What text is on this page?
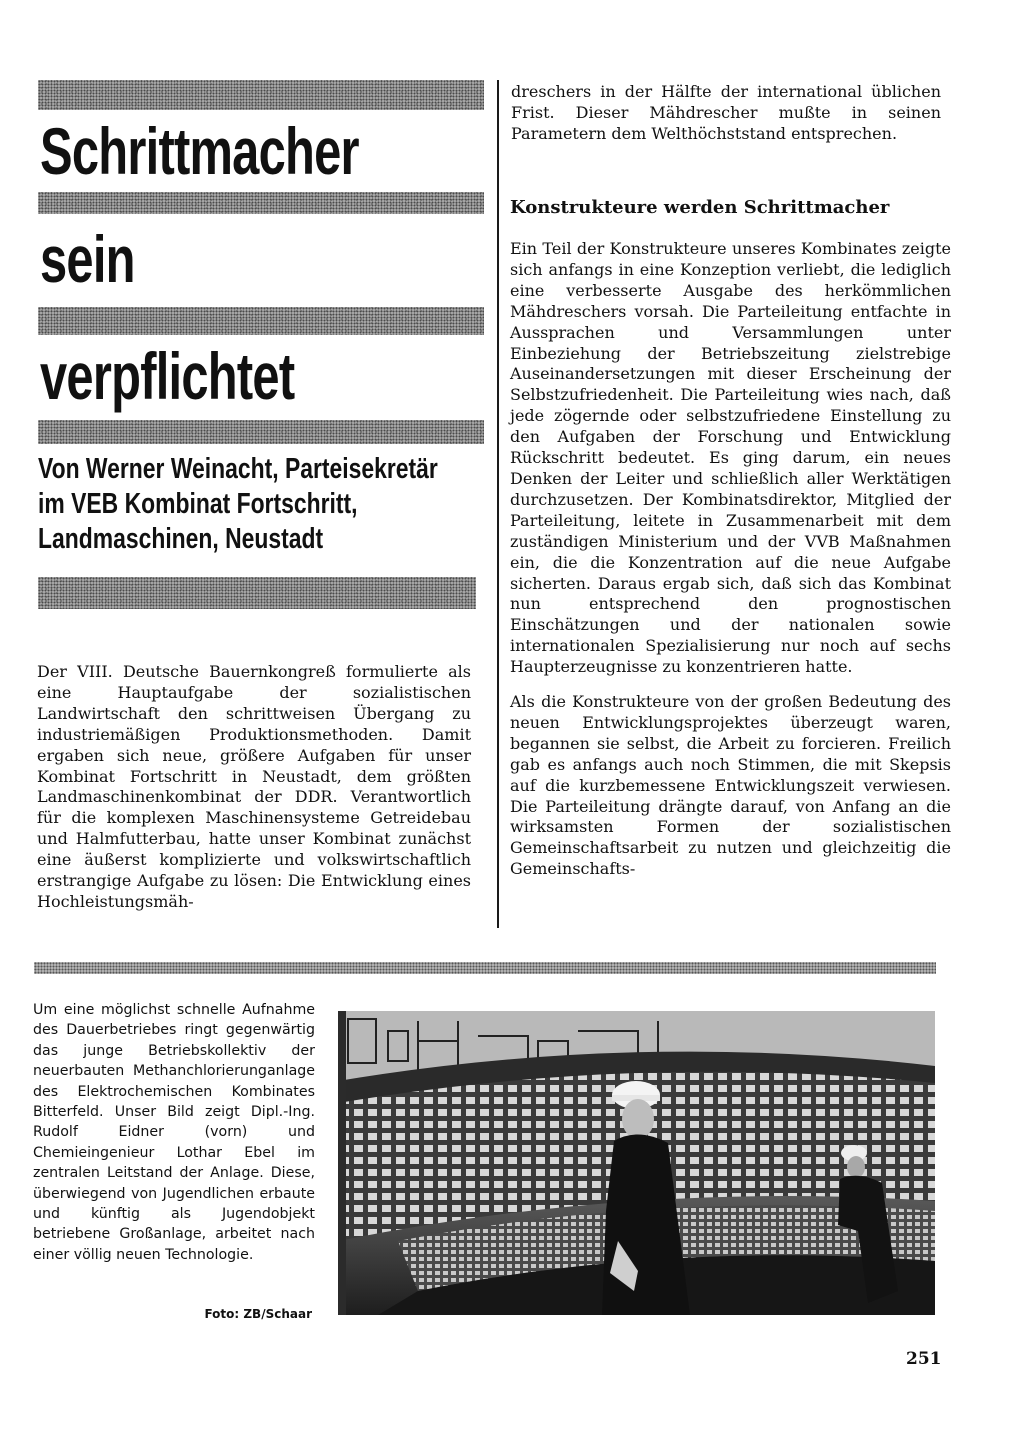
Schrittmacher
sein
verpflichtet
Von Werner Weinacht, Parteisekretär
im VEB Kombinat Fortschritt,
Landmaschinen, Neustadt
Der VIII. Deutsche Bauernkongreß formulierte als eine Hauptaufgabe der sozialistischen Landwirtschaft den schrittweisen Übergang zu industriemäßigen Produktionsmethoden. Damit ergaben sich neue, größere Aufgaben für unser Kombinat Fortschritt in Neustadt, dem größten Landmaschinenkombinat der DDR. Verantwortlich für die komplexen Maschinensysteme Getreidebau und Halmfutterbau, hatte unser Kombinat zunächst eine äußerst komplizierte und volkswirtschaftlich erstrangige Aufgabe zu lösen: Die Entwicklung eines Hochleistungsmäh-
dreschers in der Hälfte der international üblichen Frist. Dieser Mähdrescher mußte in seinen Parametern dem Welthöchststand entsprechen.
Konstrukteure werden Schrittmacher

Ein Teil der Konstrukteure unseres Kombinates zeigte sich anfangs in eine Konzeption verliebt, die lediglich eine verbesserte Ausgabe des herkömmlichen Mähdreschers vorsah. Die Parteileitung entfachte in Aussprachen und Versammlungen unter Einbeziehung der Betriebszeitung zielstrebige Auseinandersetzungen mit dieser Erscheinung der Selbstzufriedenheit. Die Parteileitung wies nach, daß jede zögernde oder selbstzufriedene Einstellung zu den Aufgaben der Forschung und Entwicklung Rückschritt bedeutet. Es ging darum, ein neues Denken der Leiter und schließlich aller Werktätigen durchzusetzen. Der Kombinatsdirektor, Mitglied der Parteileitung, leitete in Zusammenarbeit mit dem zuständigen Ministerium und der VVB Maßnahmen ein, die die Konzentration auf die neue Aufgabe sicherten. Daraus ergab sich, daß sich das Kombinat nun entsprechend den prognostischen Einschätzungen und der nationalen sowie internationalen Spezialisierung nur noch auf sechs Haupterzeugnisse zu konzentrieren hatte.

Als die Konstrukteure von der großen Bedeutung des neuen Entwicklungsprojektes überzeugt waren, begannen sie selbst, die Arbeit zu forcieren. Freilich gab es anfangs auch noch Stimmen, die mit Skepsis auf die kurzbemessene Entwicklungszeit verwiesen. Die Parteileitung drängte darauf, von Anfang an die wirksamsten Formen der sozialistischen Gemeinschaftsarbeit zu nutzen und gleichzeitig die Gemeinschafts-

Um eine möglichst schnelle Aufnahme des Dauerbetriebes ringt gegenwärtig das junge Betriebskollektiv der neuerbauten Methanchlorierunganlage des Elektrochemischen Kombinates Bitterfeld. Unser Bild zeigt Dipl.-Ing. Rudolf Eidner (vorn) und Chemieingenieur Lothar Ebel im zentralen Leitstand der Anlage. Diese, überwiegend von Jugendlichen erbaute und künftig als Jugendobjekt betriebene Großanlage, arbeitet nach einer völlig neuen Technologie.
Foto: ZB/Schaar
251
